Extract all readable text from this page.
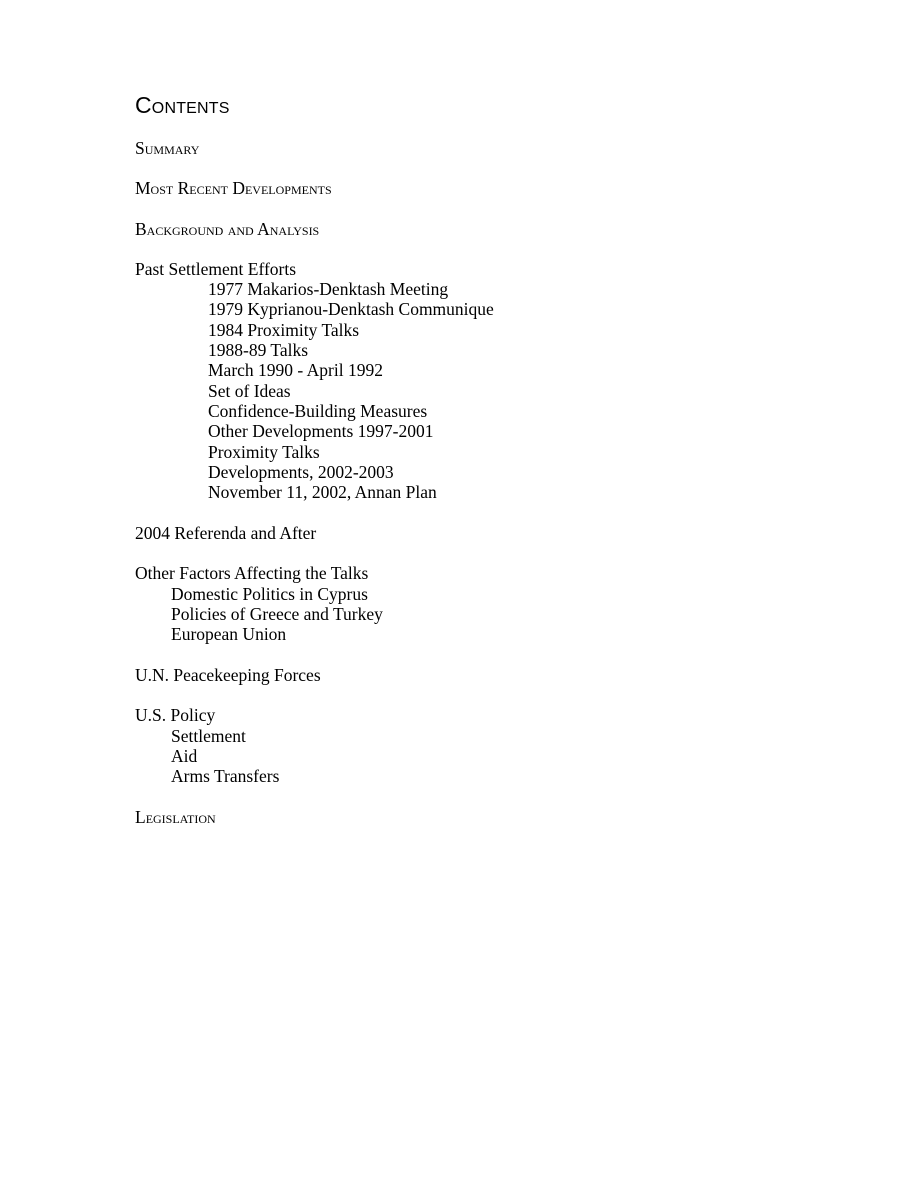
Contents

Summary

Most Recent Developments

Background and Analysis

Past Settlement Efforts

1977 Makarios-Denktash Meeting

1979 Kyprianou-Denktash Communique

1984 Proximity Talks

1988-89 Talks

March 1990 - April 1992

Set of Ideas

Confidence-Building Measures

Other Developments 1997-2001

Proximity Talks

Developments, 2002-2003

November 11, 2002, Annan Plan

2004 Referenda and After

Other Factors Affecting the Talks

Domestic Politics in Cyprus

Policies of Greece and Turkey

European Union

U.N. Peacekeeping Forces

U.S. Policy

Settlement

Aid

Arms Transfers

Legislation
